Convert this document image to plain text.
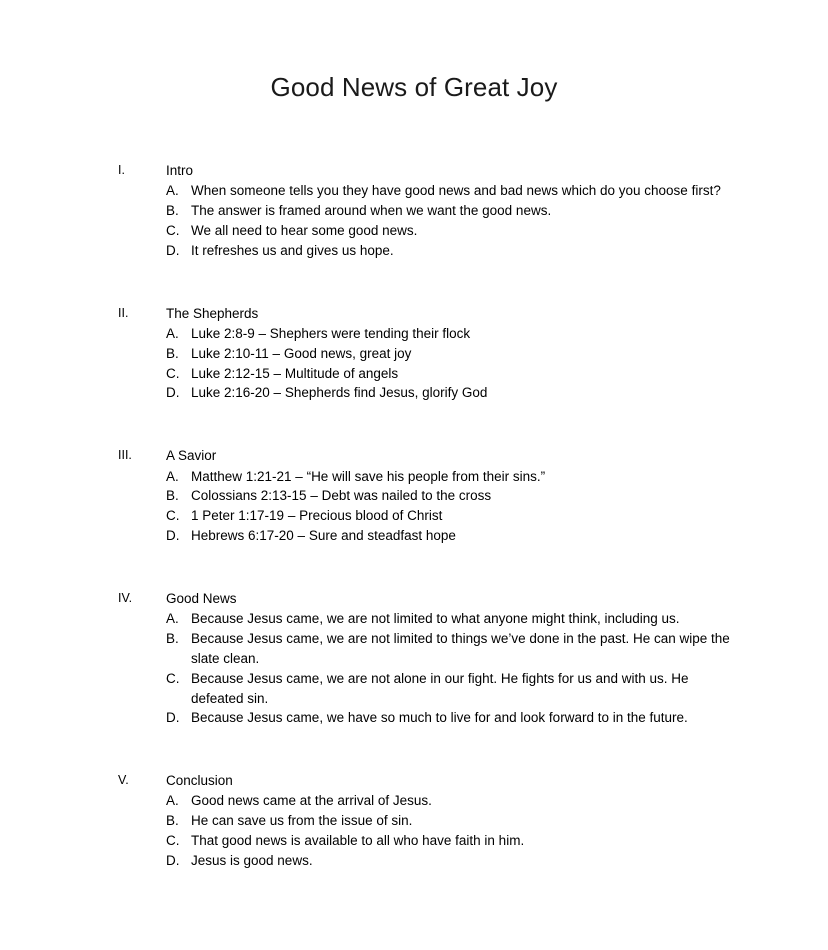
Good News of Great Joy
I.	Intro
A. When someone tells you they have good news and bad news which do you choose first?
B. The answer is framed around when we want the good news.
C. We all need to hear some good news.
D. It refreshes us and gives us hope.
II.	The Shepherds
A. Luke 2:8-9 – Shephers were tending their flock
B. Luke 2:10-11 – Good news, great joy
C. Luke 2:12-15 – Multitude of angels
D. Luke 2:16-20 – Shepherds find Jesus, glorify God
III.	A Savior
A. Matthew 1:21-21 – “He will save his people from their sins.”
B. Colossians 2:13-15 – Debt was nailed to the cross
C. 1 Peter 1:17-19 – Precious blood of Christ
D. Hebrews 6:17-20 – Sure and steadfast hope
IV.	Good News
A. Because Jesus came, we are not limited to what anyone might think, including us.
B. Because Jesus came, we are not limited to things we’ve done in the past. He can wipe the slate clean.
C. Because Jesus came, we are not alone in our fight. He fights for us and with us. He defeated sin.
D. Because Jesus came, we have so much to live for and look forward to in the future.
V.	Conclusion
A. Good news came at the arrival of Jesus.
B. He can save us from the issue of sin.
C. That good news is available to all who have faith in him.
D. Jesus is good news.
